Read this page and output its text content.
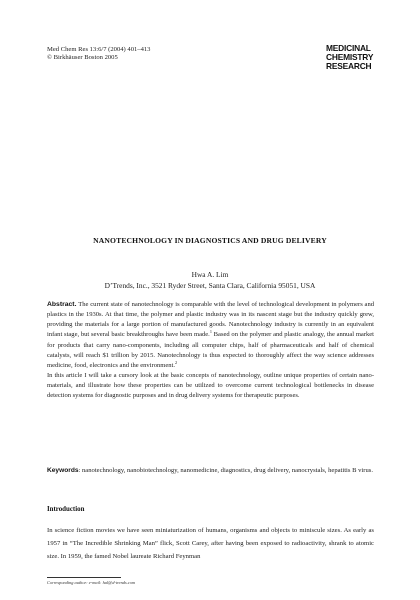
Med Chem Res 13:6/7 (2004) 401–413
© Birkhäuser Boston 2005
MEDICINAL
CHEMISTRY
RESEARCH
NANOTECHNOLOGY IN DIAGNOSTICS AND DRUG DELIVERY
Hwa A. Lim
D’Trends, Inc., 3521 Ryder Street, Santa Clara, California 95051, USA

Abstract. The current state of nanotechnology is comparable with the level of technological development in polymers and plastics in the 1930s. At that time, the polymer and plastic industry was in its nascent stage but the industry quickly grew, providing the materials for a large portion of manufactured goods. Nanotechnology industry is currently in an equivalent infant stage, but several basic breakthroughs have been made.$^1$ Based on the polymer and plastic analogy, the annual market for products that carry nano-components, including all computer chips, half of pharmaceuticals and half of chemical catalysts, will reach $1 trillion by 2015. Nanotechnology is thus expected to thoroughly affect the way science addresses medicine, food, electronics and the environment.$^2$

In this article I will take a cursory look at the basic concepts of nanotechnology, outline unique properties of certain nano-materials, and illustrate how these properties can be utilized to overcome current technological bottlenecks in disease detection systems for diagnostic purposes and in drug delivery systems for therapeutic purposes.

Keywords: nanotechnology, nanobiotechnology, nanomedicine, diagnostics, drug delivery, nanocrystals, hepatitis B virus.
Introduction
In science fiction movies we have seen miniaturization of humans, organisms and objects to miniscule sizes. As early as 1957 in “The Incredible Shrinking Man” flick, Scott Carey, after having been exposed to radioactivity, shrank to atomic size. In 1959, the famed Nobel laureate Richard Feynman
Corresponding author: e-mail: hal@d-trends.com
